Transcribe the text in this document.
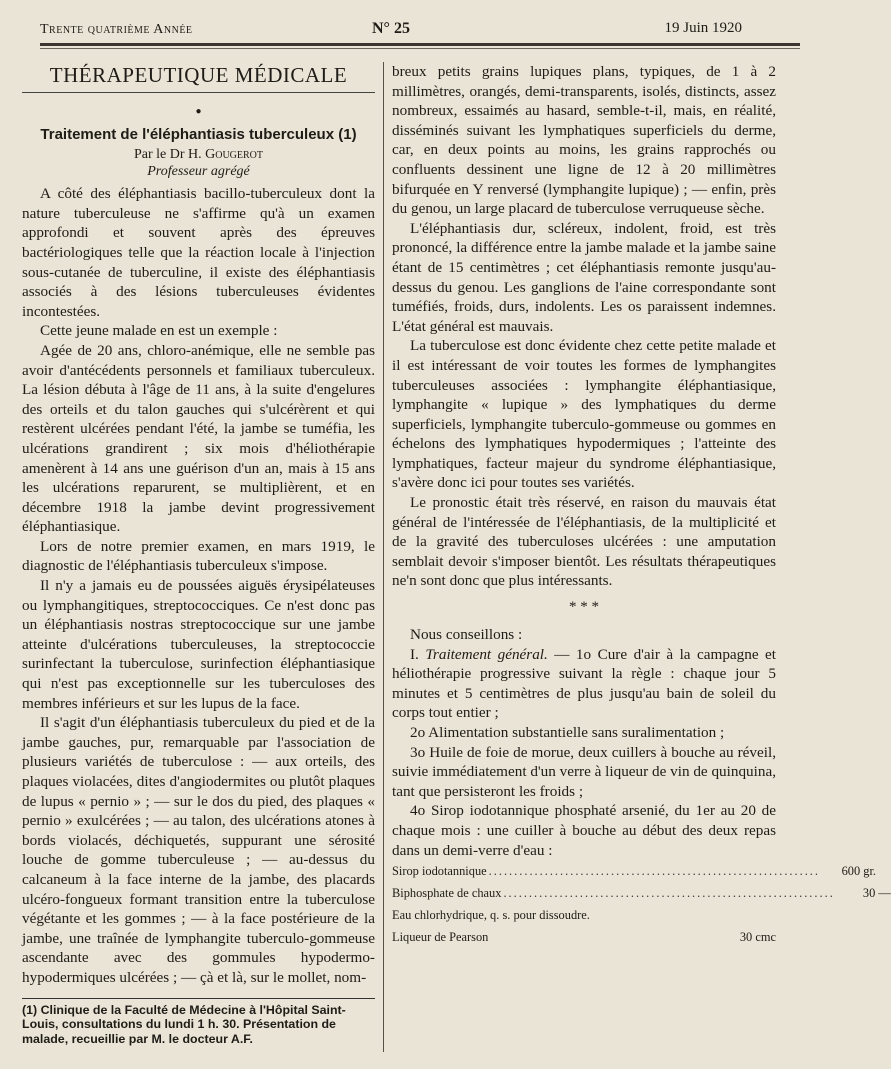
Trente quatrième Année	N° 25	19 Juin 1920

THÉRAPEUTIQUE MÉDICALE

●

Traitement de l'éléphantiasis tuberculeux (1)

Par le Dr H. Gougerot

Professeur agrégé

A côté des éléphantiasis bacillo-tuberculeux dont la nature tuberculeuse ne s'affirme qu'à un examen approfondi et souvent après des épreuves bactériologiques telle que la réaction locale à l'injection sous-cutanée de tuberculine, il existe des éléphantiasis associés à des lésions tuberculeuses évidentes incontestées.

Cette jeune malade en est un exemple :

Agée de 20 ans, chloro-anémique, elle ne semble pas avoir d'antécédents personnels et familiaux tuberculeux. La lésion débuta à l'âge de 11 ans, à la suite d'engelures des orteils et du talon gauches qui s'ulcérèrent et qui restèrent ulcérées pendant l'été, la jambe se tuméfia, les ulcérations grandirent ; six mois d'héliothérapie amenèrent à 14 ans une guérison d'un an, mais à 15 ans les ulcérations reparurent, se multiplièrent, et en décembre 1918 la jambe devint progressivement éléphantiasique.

Lors de notre premier examen, en mars 1919, le diagnostic de l'éléphantiasis tuberculeux s'impose.

Il n'y a jamais eu de poussées aiguës érysipélateuses ou lymphangitiques, streptococciques. Ce n'est donc pas un éléphantiasis nostras streptococcique sur une jambe atteinte d'ulcérations tuberculeuses, la streptococcie surinfectant la tuberculose, surinfection éléphantiasique qui n'est pas exceptionnelle sur les tuberculoses des membres inférieurs et sur les lupus de la face.

Il s'agit d'un éléphantiasis tuberculeux du pied et de la jambe gauches, pur, remarquable par l'association de plusieurs variétés de tuberculose : — aux orteils, des plaques violacées, dites d'angiodermites ou plutôt plaques de lupus « pernio » ; — sur le dos du pied, des plaques « pernio » exulcérées ; — au talon, des ulcérations atones à bords violacés, déchiquetés, suppurant une sérosité louche de gomme tuberculeuse ; — au-dessus du calcaneum à la face interne de la jambe, des placards ulcéro-fongueux formant transition entre la tuberculose végétante et les gommes ; — à la face postérieure de la jambe, une traînée de lymphangite tuberculo-gommeuse ascendante avec des gommules hypodermo-hypodermiques ulcérées ; — çà et là, sur le mollet, nom-

(1) Clinique de la Faculté de Médecine à l'Hôpital Saint-Louis, consultations du lundi 1 h. 30. Présentation de malade, recueillie par M. le docteur A.F.

breux petits grains lupiques plans, typiques, de 1 à 2 millimètres, orangés, demi-transparents, isolés, distincts, assez nombreux, essaimés au hasard, semble-t-il, mais, en réalité, disséminés suivant les lymphatiques superficiels du derme, car, en deux points au moins, les grains rapprochés ou confluents dessinent une ligne de 12 à 20 millimètres bifurquée en Y renversé (lymphangite lupique) ; — enfin, près du genou, un large placard de tuberculose verruqueuse sèche.

L'éléphantiasis dur, scléreux, indolent, froid, est très prononcé, la différence entre la jambe malade et la jambe saine étant de 15 centimètres ; cet éléphantiasis remonte jusqu'au-dessus du genou. Les ganglions de l'aine correspondante sont tuméfiés, froids, durs, indolents. Les os paraissent indemnes. L'état général est mauvais.

La tuberculose est donc évidente chez cette petite malade et il est intéressant de voir toutes les formes de lymphangites tuberculeuses associées : lymphangite éléphantiasique, lymphangite « lupique » des lymphatiques du derme superficiels, lymphangite tuberculo-gommeuse ou gommes en échelons des lymphatiques hypodermiques ; l'atteinte des lymphatiques, facteur majeur du syndrome éléphantiasique, s'avère donc ici pour toutes ses variétés.

Le pronostic était très réservé, en raison du mauvais état général de l'intéressée de l'éléphantiasis, de la multiplicité et de la gravité des tuberculoses ulcérées : une amputation semblait devoir s'imposer bientôt. Les résultats thérapeutiques ne'n sont donc que plus intéressants.

* * *

Nous conseillons :

I. Traitement général. — 1o Cure d'air à la campagne et héliothérapie progressive suivant la règle : chaque jour 5 minutes et 5 centimètres de plus jusqu'au bain de soleil du corps tout entier ;

2o Alimentation substantielle sans suralimentation ;

3o Huile de foie de morue, deux cuillers à bouche au réveil, suivie immédiatement d'un verre à liqueur de vin de quinquina, tant que persisteront les froids ;

4o Sirop iodotannique phosphaté arsenié, du 1er au 20 de chaque mois : une cuiller à bouche au début des deux repas dans un demi-verre d'eau :

Sirop iodotannique .................................................................	600 gr.
Biphosphate de chaux .................................................................	30 —
Eau chlorhydrique, q. s. pour dissoudre.
Liqueur de Pearson	30 cmc
